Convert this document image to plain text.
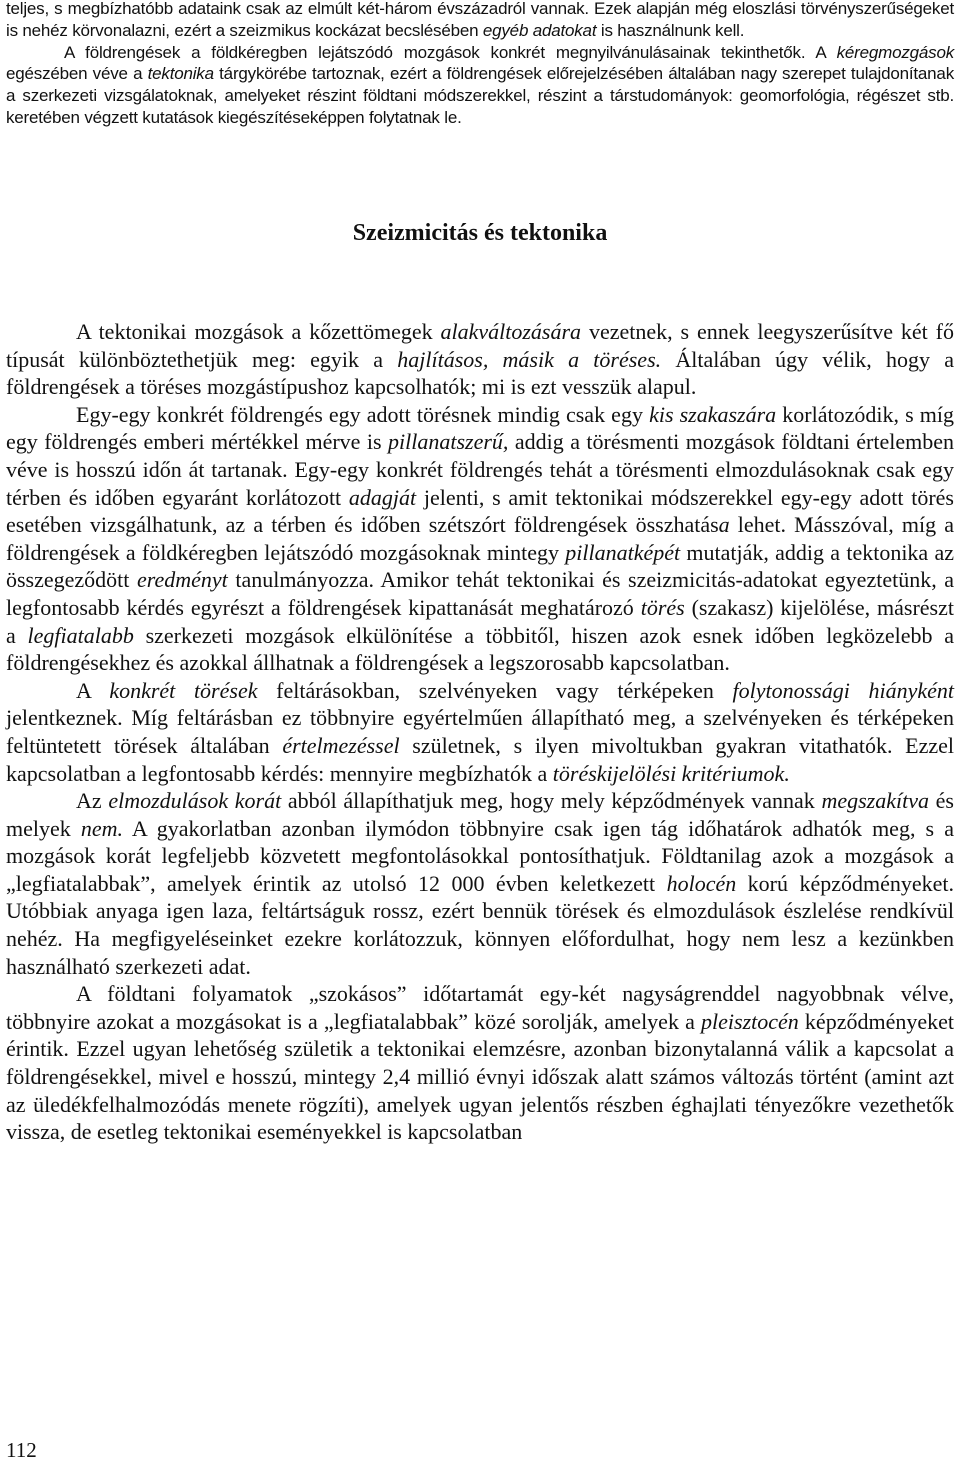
teljes, s megbízhatóbb adataink csak az elmúlt két-három évszázadról vannak. Ezek alapján még eloszlási törvényszerűségeket is nehéz körvonalazni, ezért a szeizmikus kockázat becslésében egyéb adatokat is használnunk kell.

A földrengések a földkéregben lejátszódó mozgások konkrét megnyilvánulásainak tekinthetők. A kéregmozgások egészében véve a tektonika tárgykörébe tartoznak, ezért a földrengések előrejelzésében általában nagy szerepet tulajdonítanak a szerkezeti vizsgálatoknak, amelyeket részint földtani módszerekkel, részint a társtudományok: geomorfológia, régészet stb. keretében végzett kutatások kiegészítéseképpen folytatnak le.

Szeizmicitás és tektonika

A tektonikai mozgások a kőzettömegek alakváltozására vezetnek, s ennek leegyszerűsítve két fő típusát különböztethetjük meg: egyik a hajlításos, másik a töréses. Általában úgy vélik, hogy a földrengések a töréses mozgástípushoz kapcsolhatók; mi is ezt vesszük alapul.

Egy-egy konkrét földrengés egy adott törésnek mindig csak egy kis szakaszára korlátozódik, s míg egy földrengés emberi mértékkel mérve is pillanatszerű, addig a törésmenti mozgások földtani értelemben véve is hosszú időn át tartanak. Egy-egy konkrét földrengés tehát a törésmenti elmozdulásoknak csak egy térben és időben egyaránt korlátozott adagját jelenti, s amit tektonikai módszerekkel egy-egy adott törés esetében vizsgálhatunk, az a térben és időben szétszórt földrengések összhatása lehet. Másszóval, míg a földrengések a földkéregben lejátszódó mozgásoknak mintegy pillanatképét mutatják, addig a tektonika az összegeződött eredményt tanulmányozza. Amikor tehát tektonikai és szeizmicitás-adatokat egyeztetünk, a legfontosabb kérdés egyrészt a földrengések kipattanását meghatározó törés (szakasz) kijelölése, másrészt a legfiatalabb szerkezeti mozgások elkülönítése a többitől, hiszen azok esnek időben legközelebb a földrengésekhez és azokkal állhatnak a földrengések a legszorosabb kapcsolatban.

A konkrét törések feltárásokban, szelvényeken vagy térképeken folytonossági hiányként jelentkeznek. Míg feltárásban ez többnyire egyértelműen állapítható meg, a szelvényeken és térképeken feltüntetett törések általában értelmezéssel születnek, s ilyen mivoltukban gyakran vitathatók. Ezzel kapcsolatban a legfontosabb kérdés: mennyire megbízhatók a töréskijelölési kritériumok.

Az elmozdulások korát abból állapíthatjuk meg, hogy mely képződmények vannak megszakítva és melyek nem. A gyakorlatban azonban ilymódon többnyire csak igen tág időhatárok adhatók meg, s a mozgások korát legfeljebb közvetett megfontolásokkal pontosíthatjuk. Földtanilag azok a mozgások a „legfiatalabbak”, amelyek érintik az utolsó 12 000 évben keletkezett holocén korú képződményeket. Utóbbiak anyaga igen laza, feltártságuk rossz, ezért bennük törések és elmozdulások észlelése rendkívül nehéz. Ha megfigyeléseinket ezekre korlátozzuk, könnyen előfordulhat, hogy nem lesz a kezünkben használható szerkezeti adat.

A földtani folyamatok „szokásos” időtartamát egy-két nagyságrenddel nagyobbnak vélve, többnyire azokat a mozgásokat is a „legfiatalabbak” közé sorolják, amelyek a pleisztocén képződményeket érintik. Ezzel ugyan lehetőség születik a tektonikai elemzésre, azonban bizonytalanná válik a kapcsolat a földrengésekkel, mivel e hosszú, mintegy 2,4 millió évnyi időszak alatt számos változás történt (amint azt az üledékfelhalmozódás menete rögzíti), amelyek ugyan jelentős részben éghajlati tényezőkre vezethetők vissza, de esetleg tektonikai eseményekkel is kapcsolatban

112
